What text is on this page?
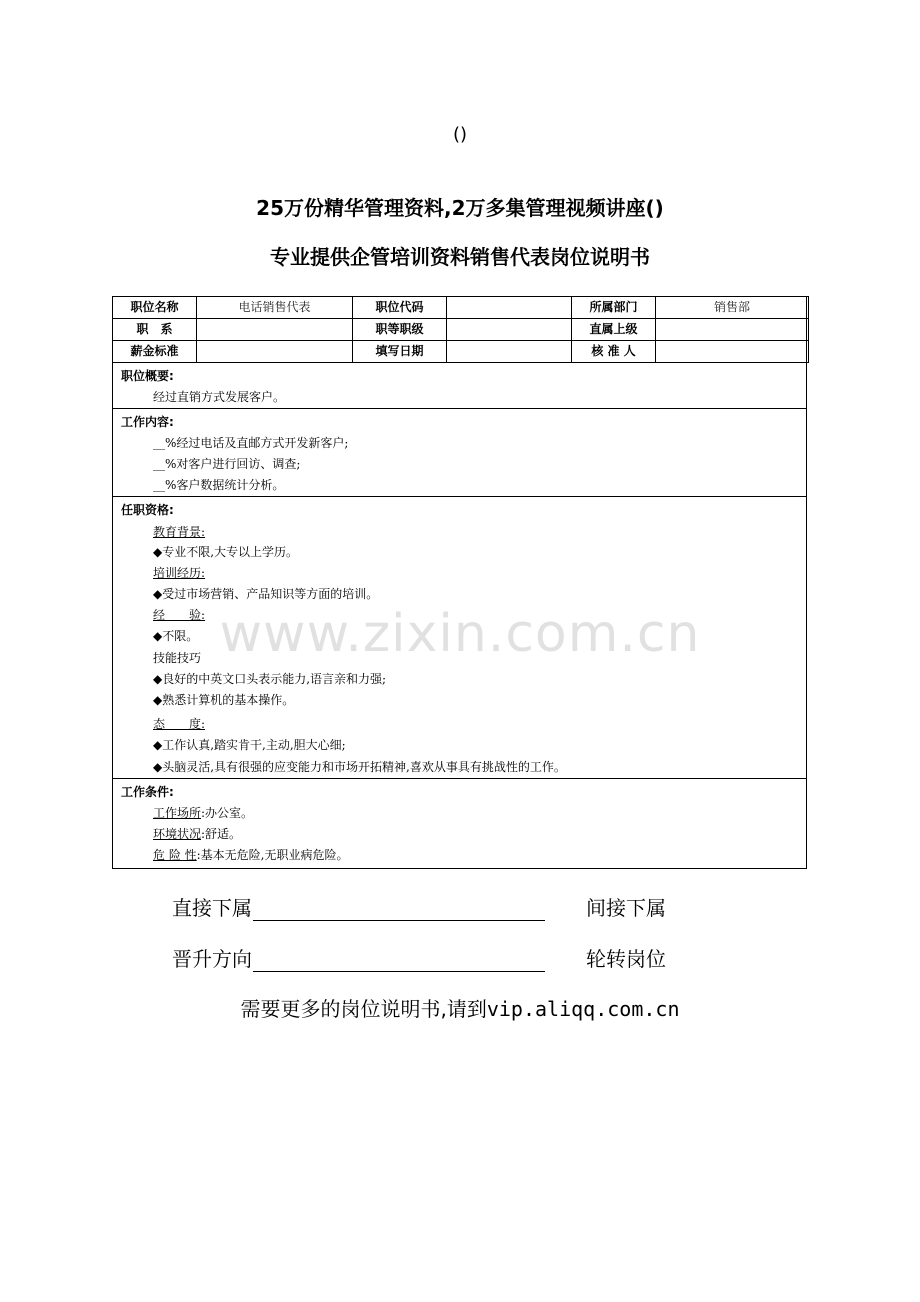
()
25万份精华管理资料,2万多集管理视频讲座()
专业提供企管培训资料销售代表岗位说明书
职位名称	电话销售代表	职位代码		所属部门	销售部
职　系		职等职级		直属上级	
薪金标准		填写日期		核 准 人	
职位概要:
经过直销方式发展客户。
工作内容:
__%经过电话及直邮方式开发新客户;
__%对客户进行回访、调查;
__%客户数据统计分析。
任职资格:
教育背景:
◆专业不限,大专以上学历。
培训经历:
◆受过市场营销、产品知识等方面的培训。
经　　验:
◆不限。
技能技巧
◆良好的中英文口头表示能力,语言亲和力强;
◆熟悉计算机的基本操作。
态　　度:
◆工作认真,踏实肯干,主动,胆大心细;
◆头脑灵活,具有很强的应变能力和市场开拓精神,喜欢从事具有挑战性的工作。
工作条件:
工作场所:办公室。
环境状况:舒适。
危 险 性:基本无危险,无职业病危险。
www.zixin.com.cn
直接下属	间接下属
晋升方向	轮转岗位
需要更多的岗位说明书,请到vip.aliqq.com.cn
